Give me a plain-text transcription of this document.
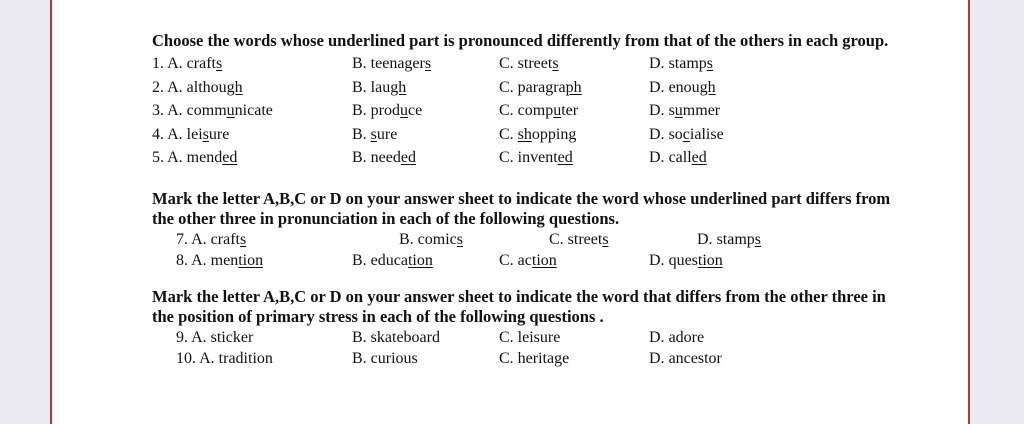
Choose the words whose underlined part is pronounced differently from that of the others in each group.

1. A. crafts	B. teenagers	C. streets	D. stamps
2. A. although	B. laugh	C. paragraph	D. enough
3. A. communicate	B. produce	C. computer	D. summer
4. A. leisure	B. sure	C. shopping	D. socialise
5. A. mended	B. needed	C. invented	D. called

Mark the letter A,B,C or D on your answer sheet to indicate the word whose underlined part differs from the other three in pronunciation in each of the following questions.

7. A. crafts	B. comics	C. streets	D. stamps
8. A. mention	B. education	C. action	D. question

Mark the letter A,B,C or D on your answer sheet to indicate the word that differs from the other three in the position of primary stress in each of the following questions .

9. A. sticker	B. skateboard	C. leisure	D. adore
10. A. tradition	B. curious	C. heritage	D. ancestor
